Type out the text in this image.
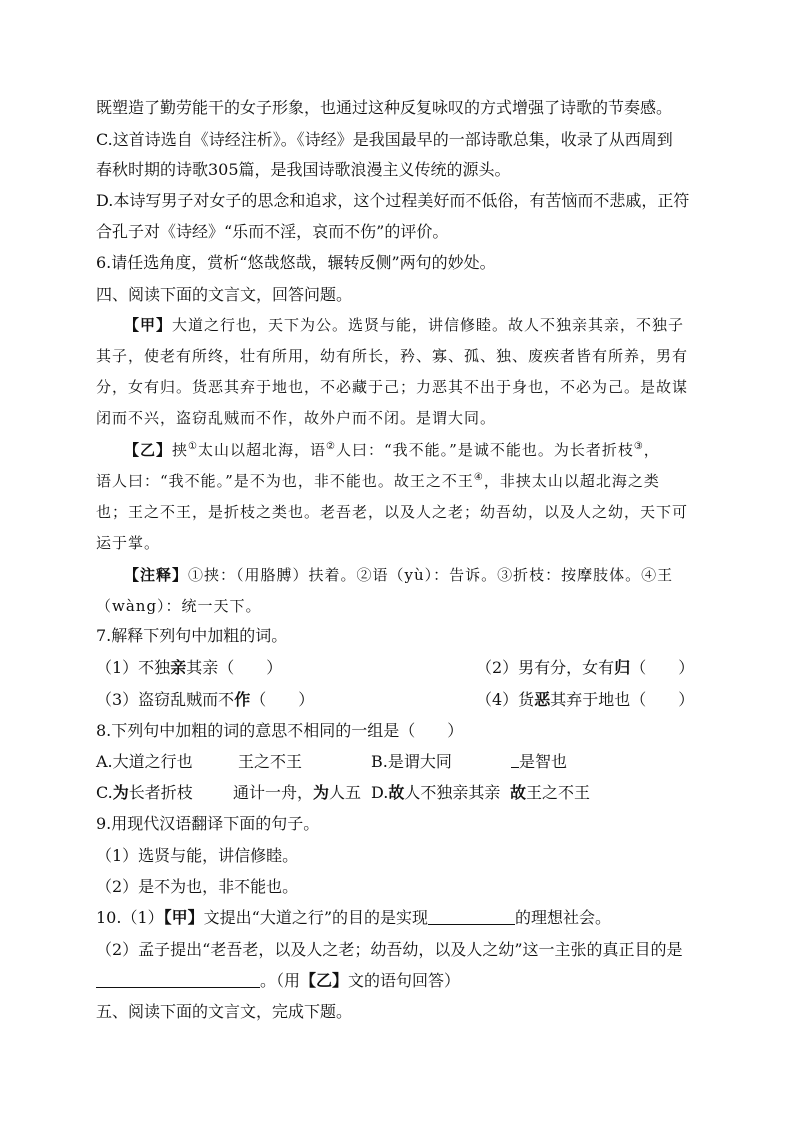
既塑造了勤劳能干的女子形象，也通过这种反复咏叹的方式增强了诗歌的节奏感。
C.这首诗选自《诗经注析》。《诗经》是我国最早的一部诗歌总集，收录了从西周到
春秋时期的诗歌305篇，是我国诗歌浪漫主义传统的源头。
D.本诗写男子对女子的思念和追求，这个过程美好而不低俗，有苦恼而不悲戚，正符
合孔子对《诗经》“乐而不淫，哀而不伤”的评价。
6.请任选角度，赏析“悠哉悠哉，辗转反侧”两句的妙处。
四、阅读下面的文言文，回答问题。
【甲】大道之行也，天下为公。选贤与能，讲信修睦。故人不独亲其亲，不独子
其子，使老有所终，壮有所用，幼有所长，矜、寡、孤、独、废疾者皆有所养，男有
分，女有归。货恶其弃于地也，不必藏于己；力恶其不出于身也，不必为己。是故谋
闭而不兴，盗窃乱贼而不作，故外户而不闭。是谓大同。
【乙】挟①太山以超北海，语②人曰：“我不能。”是诚不能也。为长者折枝③，
语人曰：“我不能。”是不为也，非不能也。故王之不王④，非挟太山以超北海之类
也；王之不王，是折枝之类也。老吾老，以及人之老；幼吾幼，以及人之幼，天下可
运于掌。
【注释】①挟：（用胳膊）扶着。②语（yù）：告诉。③折枝：按摩肢体。④王
（wàng）：统一天下。
7.解释下列句中加粗的词。
（1）不独亲其亲（　　）	（2）男有分，女有归（　　）
（3）盗窃乱贼而不作（　　）	（4）货恶其弃于地也（　　）
8.下列句中加粗的词的意思不相同的一组是（　　）
A.大道之行也	王之不王	B.是谓大同	是智也
C.为长者折枝	通计一舟，为人五 D.故人不独亲其亲 故王之不王
9.用现代汉语翻译下面的句子。
（1）选贤与能，讲信修睦。
（2）是不为也，非不能也。
10.（1）【甲】文提出“大道之行”的目的是实现	的理想社会。
（2）孟子提出“老吾老，以及人之老；幼吾幼，以及人之幼”这一主张的真正目的是
。（用【乙】文的语句回答）
五、阅读下面的文言文，完成下题。
